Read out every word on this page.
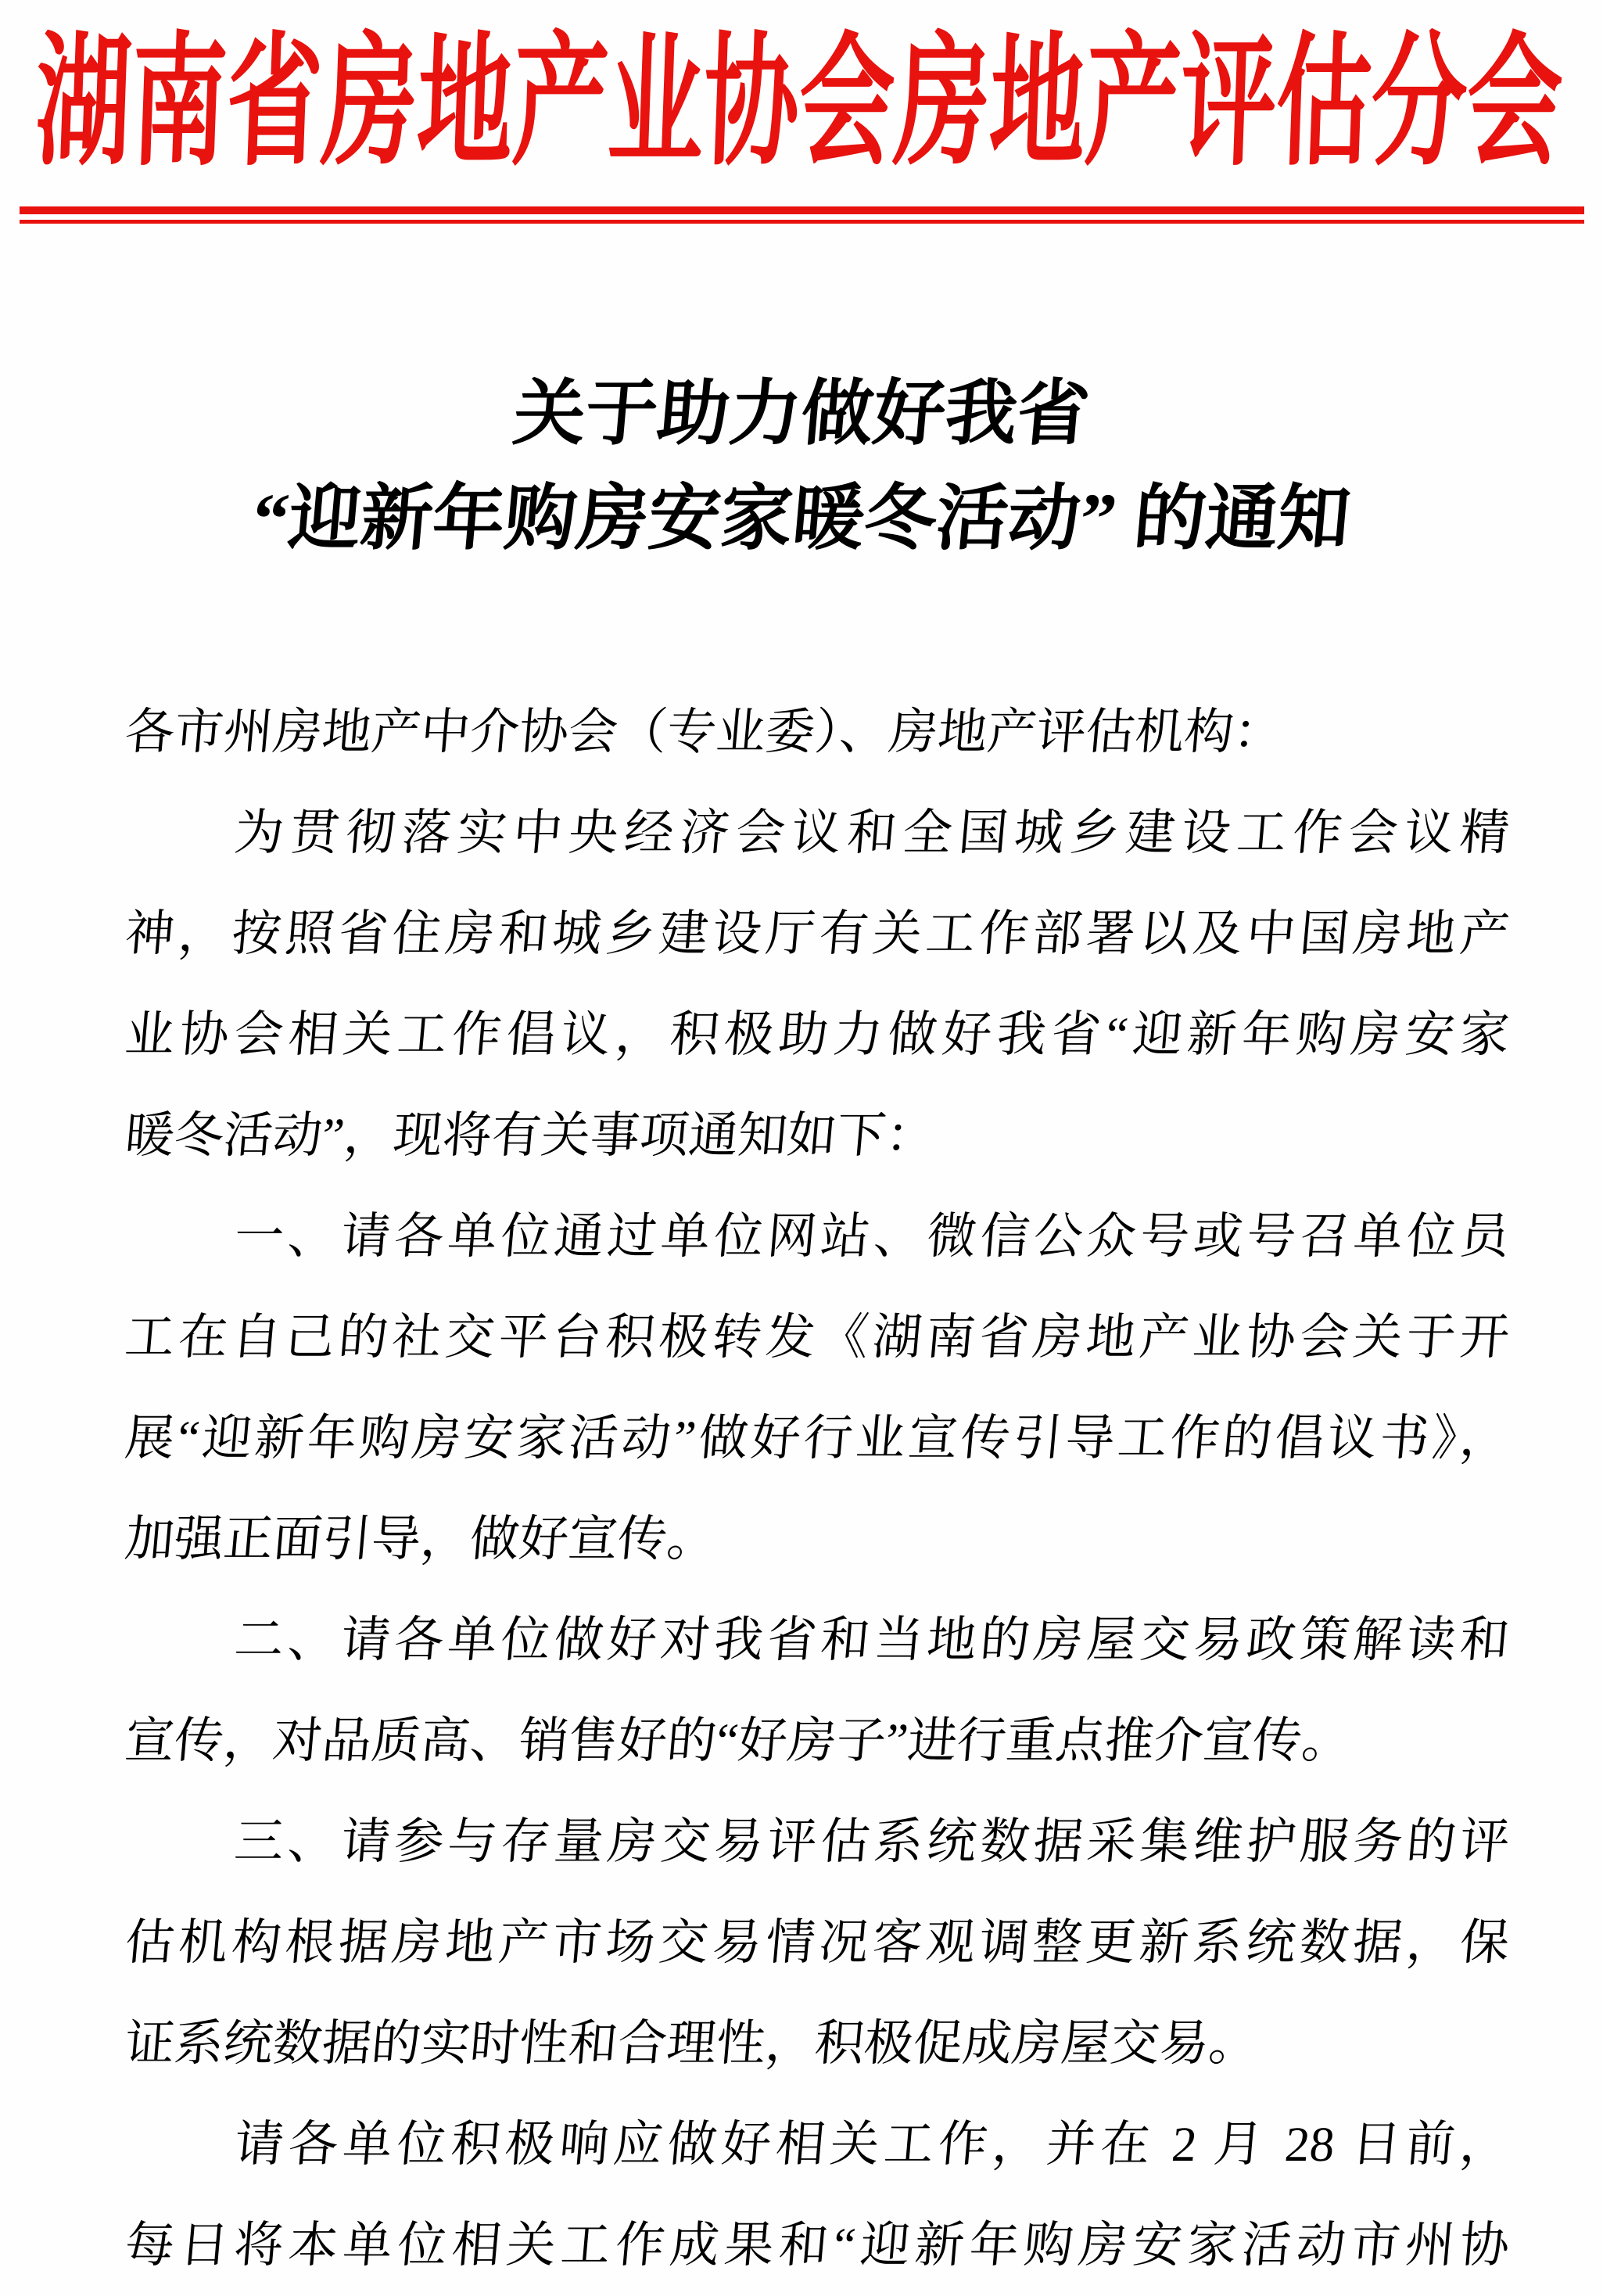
湖南省房地产业协会房地产评估分会
关于助力做好我省
“迎新年购房安家暖冬活动” 的通知
各市州房地产中介协会（专业委）、房地产评估机构：
为贯彻落实中央经济会议和全国城乡建设工作会议精
神，按照省住房和城乡建设厅有关工作部署以及中国房地产
业协会相关工作倡议，积极助力做好我省“迎新年购房安家
暖冬活动”，现将有关事项通知如下：
一、请各单位通过单位网站、微信公众号或号召单位员
工在自己的社交平台积极转发《湖南省房地产业协会关于开
展“迎新年购房安家活动”做好行业宣传引导工作的倡议书》，
加强正面引导，做好宣传。
二、请各单位做好对我省和当地的房屋交易政策解读和
宣传，对品质高、销售好的“好房子”进行重点推介宣传。
三、请参与存量房交易评估系统数据采集维护服务的评
估机构根据房地产市场交易情况客观调整更新系统数据，保
证系统数据的实时性和合理性，积极促成房屋交易。
请各单位积极响应做好相关工作，并在 2 月 28 日前，
每日将本单位相关工作成果和“迎新年购房安家活动市州协
